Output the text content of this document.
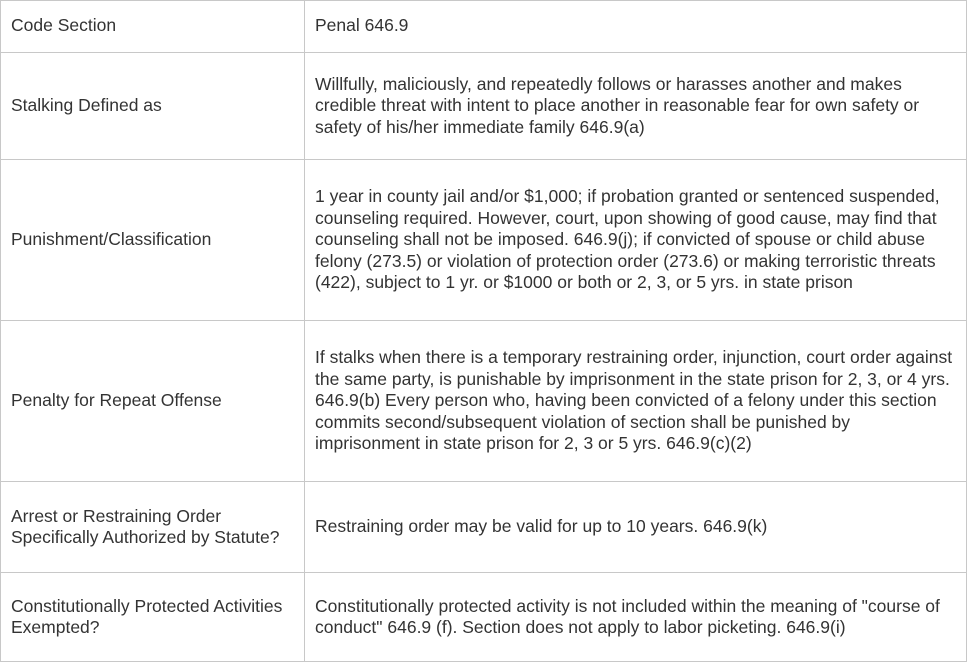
Code Section	Penal 646.9
Stalking Defined as	Willfully, maliciously, and repeatedly follows or harasses another and makes credible threat with intent to place another in reasonable fear for own safety or safety of his/her immediate family 646.9(a)
Punishment/Classification	1 year in county jail and/or $1,000; if probation granted or sentenced suspended, counseling required. However, court, upon showing of good cause, may find that counseling shall not be imposed. 646.9(j); if convicted of spouse or child abuse felony (273.5) or violation of protection order (273.6) or making terroristic threats (422), subject to 1 yr. or $1000 or both or 2, 3, or 5 yrs. in state prison
Penalty for Repeat Offense	If stalks when there is a temporary restraining order, injunction, court order against the same party, is punishable by imprisonment in the state prison for 2, 3, or 4 yrs. 646.9(b) Every person who, having been convicted of a felony under this section commits second/subsequent violation of section shall be punished by imprisonment in state prison for 2, 3 or 5 yrs. 646.9(c)(2)
Arrest or Restraining Order Specifically Authorized by Statute?	Restraining order may be valid for up to 10 years. 646.9(k)
Constitutionally Protected Activities Exempted?	Constitutionally protected activity is not included within the meaning of "course of conduct" 646.9 (f). Section does not apply to labor picketing. 646.9(i)
